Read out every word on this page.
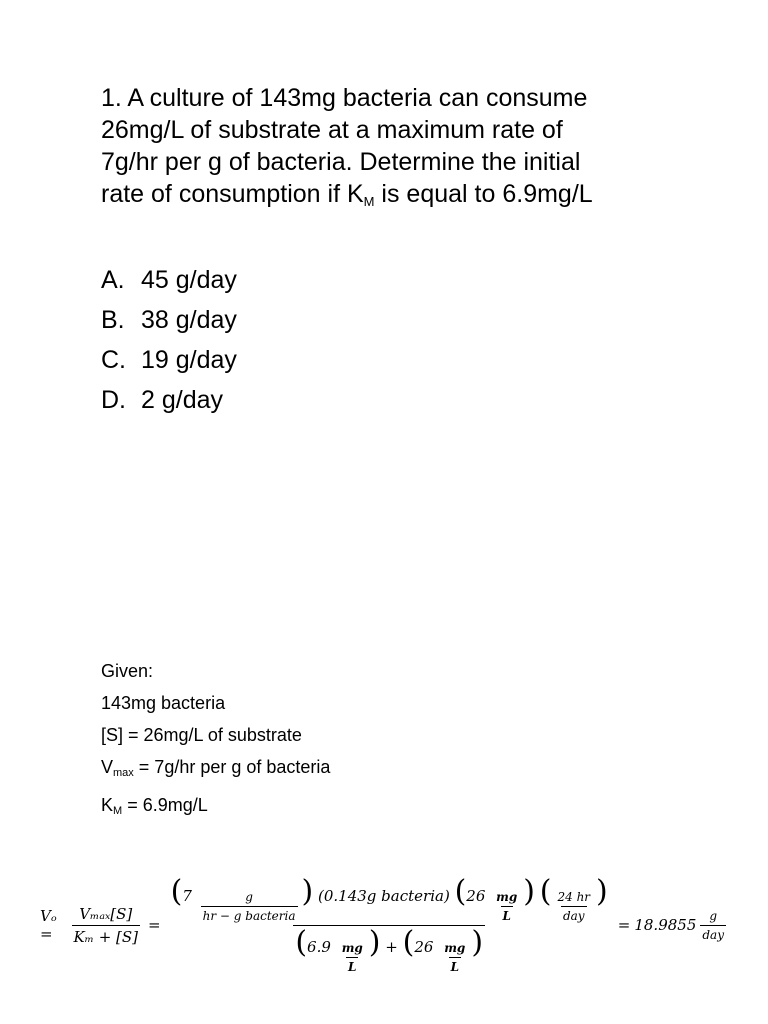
1. A culture of 143mg bacteria can consume

26mg/L of substrate at a maximum rate of

7g/hr per g of bacteria. Determine the initial

rate of consumption if $K_M$ is equal to 6.9mg/L

A. 45 g/day
B. 38 g/day
C. 19 g/day
D. 2 g/day
Given:
143mg bacteria
[S] = 26mg/L of substrate
$V_{max} = 7g/hr$ per g of bacteria
$K_M = 6.9mg/L$
Vₒ =	$\frac{\text{Vₘₐₓ[S]}}{\text{Kₘ + [S]}}$ =
($7 \frac{g}{\text{hr − g bacteria}}$ ) (0.143g bacteria) ($26 \frac{mg}{L}$ ) ( $\frac{24 hr}{\text{day}}$ )
($6.9 \frac{mg}{L}$ ) + ($26 \frac{mg}{L}$ )	= $18.9855 \frac{g}{\text{day}}$
